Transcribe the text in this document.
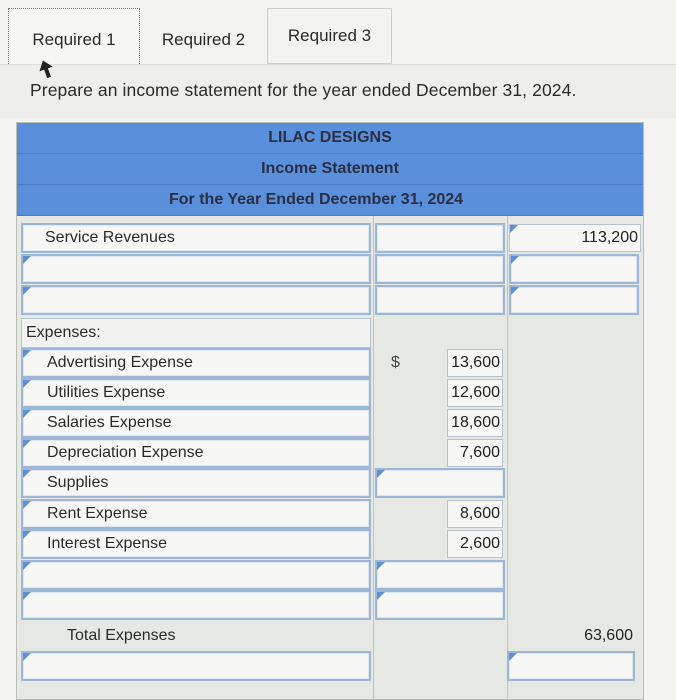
Required 1	Required 2	Required 3
Prepare an income statement for the year ended December 31, 2024.
LILAC DESIGNS
Income Statement
For the Year Ended December 31, 2024
Service Revenues	113,200
Expenses:
Advertising Expense	$	13,600
Utilities Expense	12,600
Salaries Expense	18,600
Depreciation Expense	7,600
Supplies
Rent Expense	8,600
Interest Expense	2,600
Total Expenses	63,600
